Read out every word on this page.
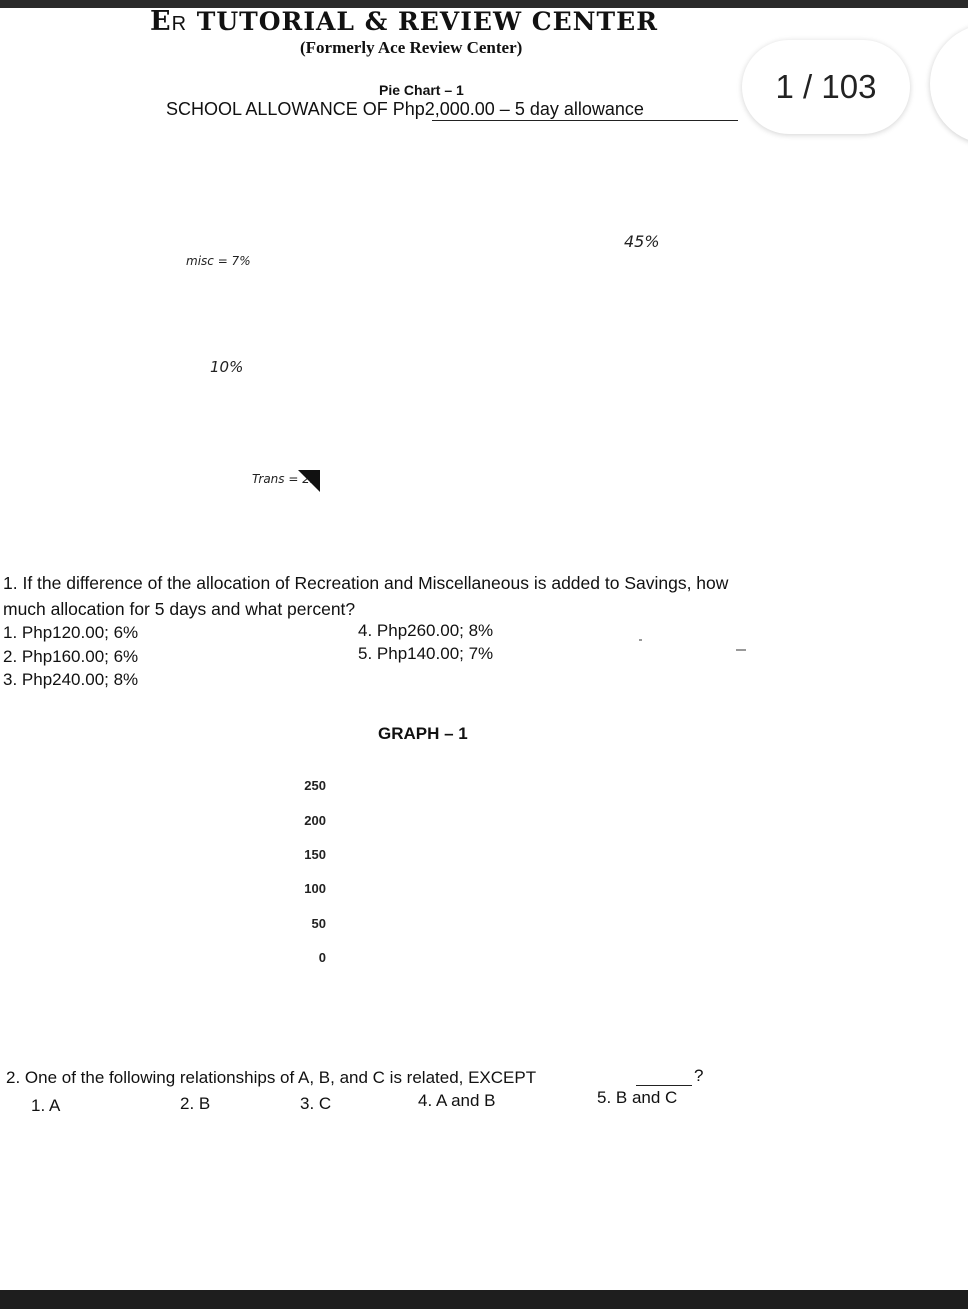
ER TUTORIAL & REVIEW CENTER
(Formerly Ace Review Center)
Pie Chart – 1
SCHOOL ALLOWANCE OF Php2,000.00 – 5 day allowance
1 / 103
misc = 7%
45%
10%
Trans = 25
1. If the difference of the allocation of Recreation and Miscellaneous is added to Savings, how
much allocation for 5 days and what percent?
1. Php120.00; 6%
2. Php160.00; 6%
3. Php240.00; 8%
4. Php260.00; 8%
5. Php140.00; 7%
GRAPH – 1
250
200
150
100
50
0
2. One of the following relationships of A, B, and C is related, EXCEPT	?
1. A	2. B	3. C	4. A and B	5. B and C
